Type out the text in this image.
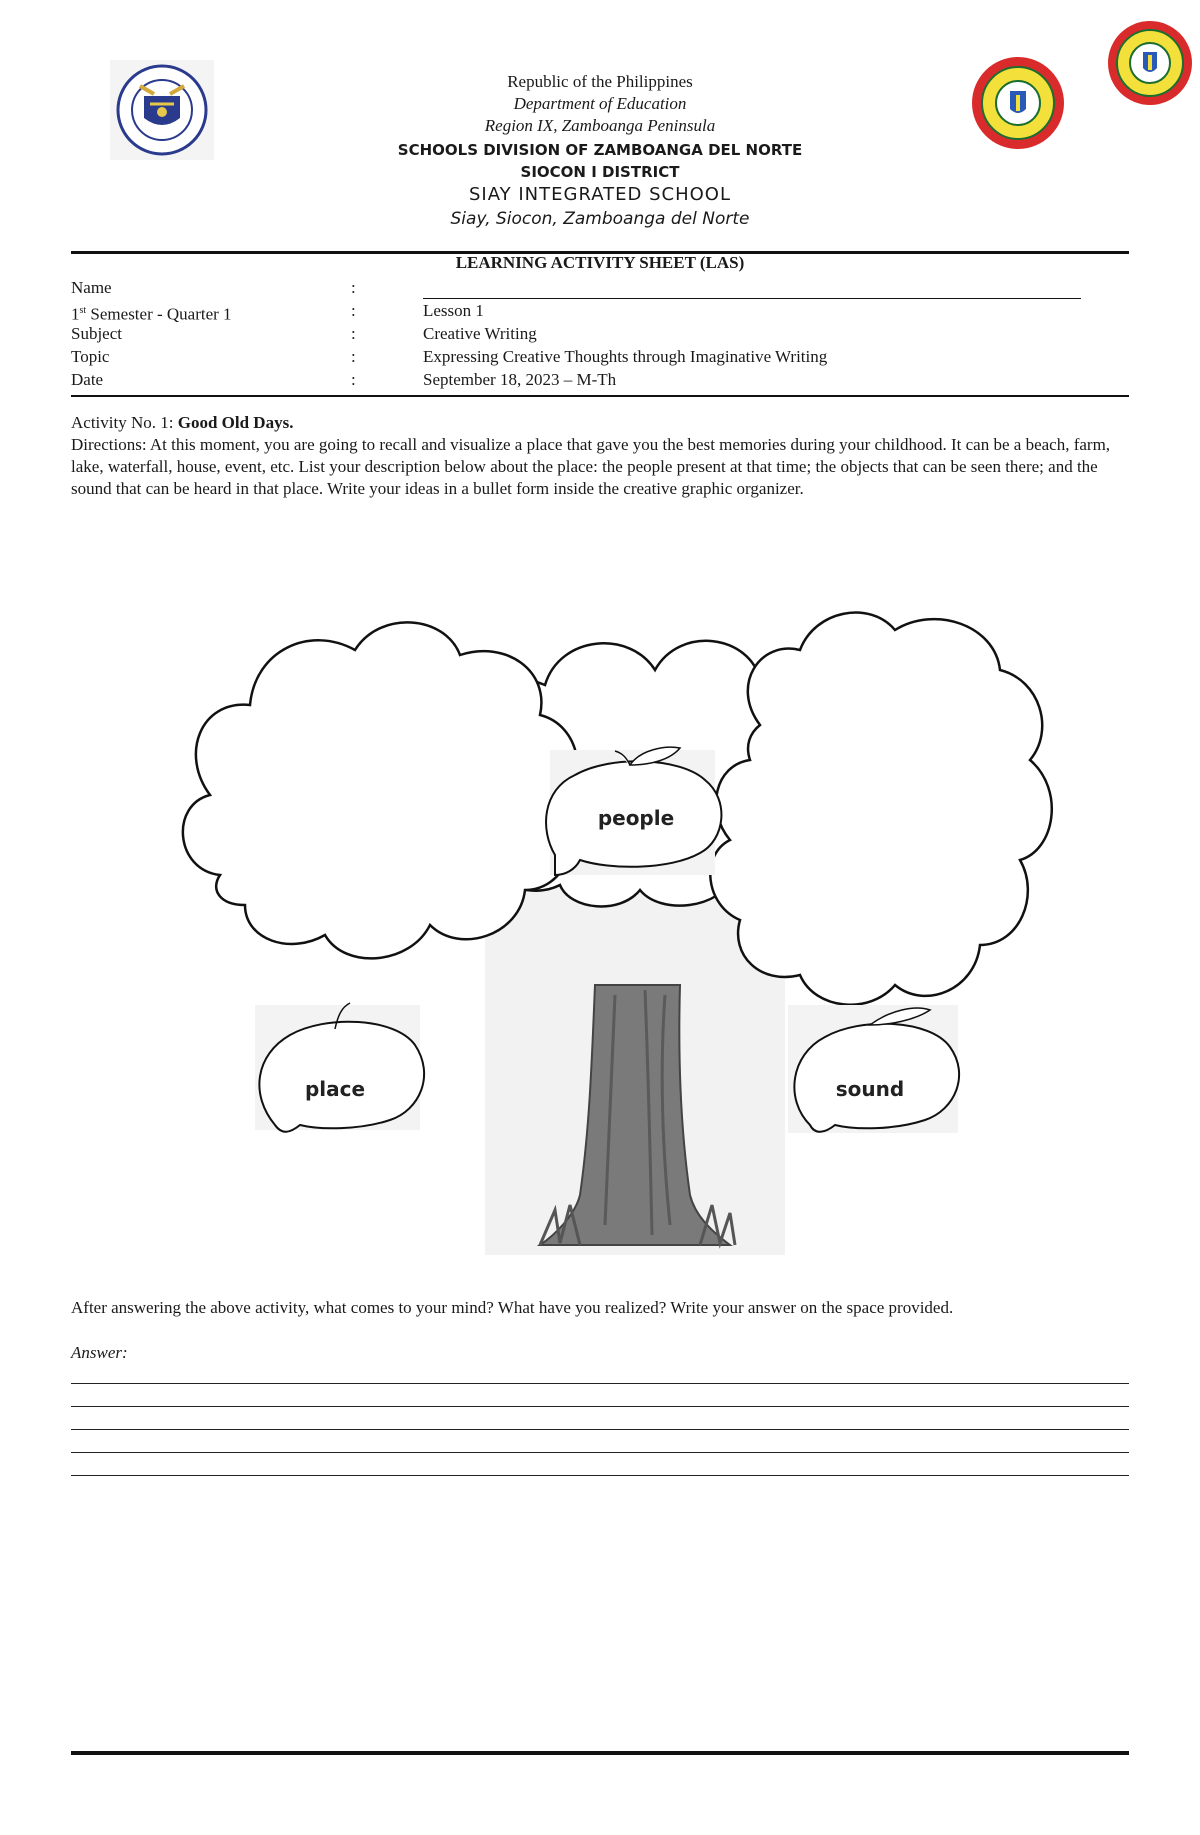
Republic of the Philippines
Department of Education
Region IX, Zamboanga Peninsula
SCHOOLS DIVISION OF ZAMBOANGA DEL NORTE
SIOCON I DISTRICT
SIAY INTEGRATED SCHOOL
Siay, Siocon, Zamboanga del Norte
LEARNING ACTIVITY SHEET (LAS)
Name	:
1st Semester - Quarter 1	:	Lesson 1
Subject	:	Creative Writing
Topic	:	Expressing Creative Thoughts through Imaginative Writing
Date	:	September 18, 2023 – M-Th
Activity No. 1: Good Old Days.
Directions: At this moment, you are going to recall and visualize a place that gave you the best memories during your childhood. It can be a beach, farm, lake, waterfall, house, event, etc. List your description below about the place: the people present at that time; the objects that can be seen there; and the sound that can be heard in that place. Write your ideas in a bullet form inside the creative graphic organizer.
people
place	sound
After answering the above activity, what comes to your mind? What have you realized? Write your answer on the space provided.
Answer:
